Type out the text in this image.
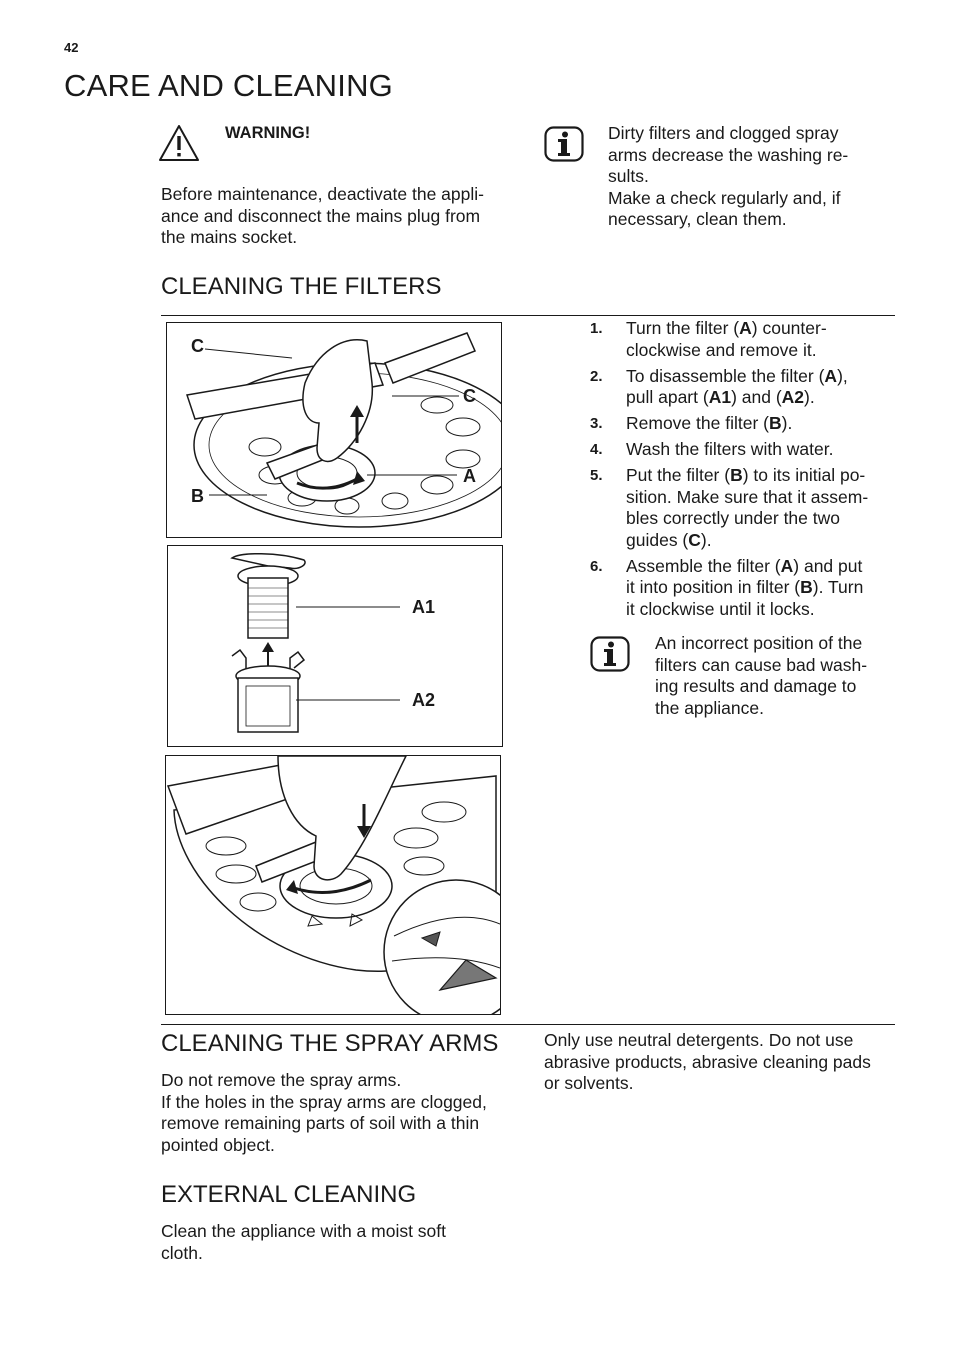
42
CARE AND CLEANING
WARNING!
Before maintenance, deactivate the appli-
ance and disconnect the mains plug from
the mains socket.
Dirty filters and clogged spray
arms decrease the washing re-
sults.
Make a check regularly and, if
necessary, clean them.
CLEANING THE FILTERS
C
C
A
B
A1
A2
1. Turn the filter (A) counter-
clockwise and remove it.
2. To disassemble the filter (A),
pull apart (A1) and (A2).
3. Remove the filter (B).
4. Wash the filters with water.
5. Put the filter (B) to its initial po-
sition. Make sure that it assem-
bles correctly under the two
guides (C).
6. Assemble the filter (A) and put
it into position in filter (B). Turn
it clockwise until it locks.
An incorrect position of the
filters can cause bad wash-
ing results and damage to
the appliance.
CLEANING THE SPRAY ARMS
Do not remove the spray arms.
If the holes in the spray arms are clogged,
remove remaining parts of soil with a thin
pointed object.
Only use neutral detergents. Do not use
abrasive products, abrasive cleaning pads
or solvents.
EXTERNAL CLEANING
Clean the appliance with a moist soft
cloth.
